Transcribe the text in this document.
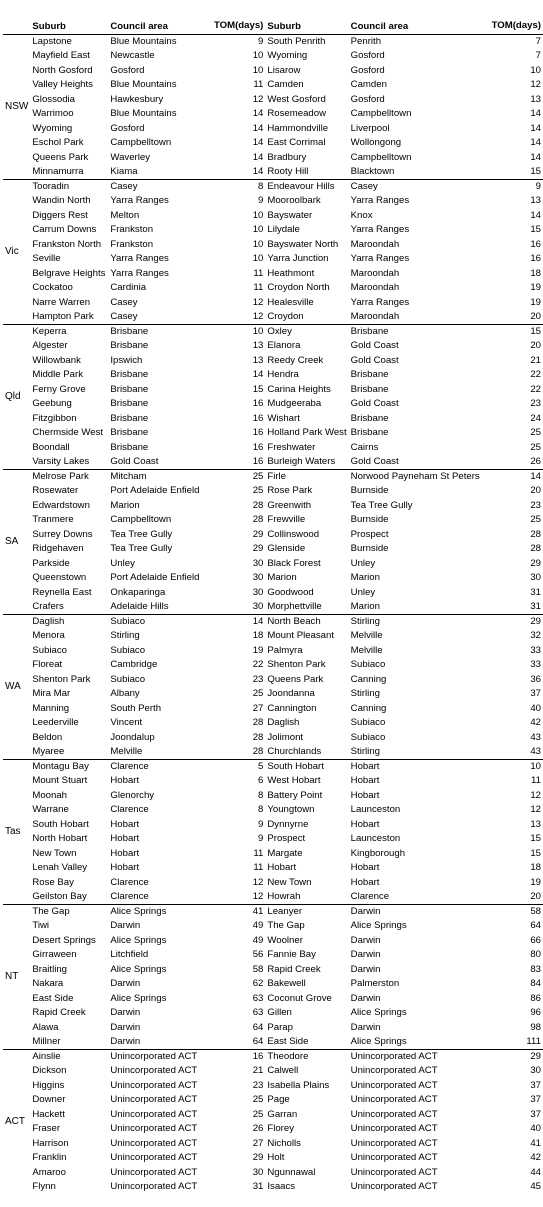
	Suburb	Council area	TOM(days)	Suburb	Council area	TOM(days)
NSW	Lapstone	Blue Mountains	9	South Penrith	Penrith	7
	Mayfield East	Newcastle	10	Wyoming	Gosford	7
	North Gosford	Gosford	10	Lisarow	Gosford	10
	Valley Heights	Blue Mountains	11	Camden	Camden	12
	Glossodia	Hawkesbury	12	West Gosford	Gosford	13
	Warrimoo	Blue Mountains	14	Rosemeadow	Campbelltown	14
	Wyoming	Gosford	14	Hammondville	Liverpool	14
	Eschol Park	Campbelltown	14	East Corrimal	Wollongong	14
	Queens Park	Waverley	14	Bradbury	Campbelltown	14
	Minnamurra	Kiama	14	Rooty Hill	Blacktown	15
Vic	Tooradin	Casey	8	Endeavour Hills	Casey	9
	Wandin North	Yarra Ranges	9	Mooroolbark	Yarra Ranges	13
	Diggers Rest	Melton	10	Bayswater	Knox	14
	Carrum Downs	Frankston	10	Lilydale	Yarra Ranges	15
	Frankston North	Frankston	10	Bayswater North	Maroondah	16
	Seville	Yarra Ranges	10	Yarra Junction	Yarra Ranges	16
	Belgrave Heights	Yarra Ranges	11	Heathmont	Maroondah	18
	Cockatoo	Cardinia	11	Croydon North	Maroondah	19
	Narre Warren	Casey	12	Healesville	Yarra Ranges	19
	Hampton Park	Casey	12	Croydon	Maroondah	20
Qld	Keperra	Brisbane	10	Oxley	Brisbane	15
	Algester	Brisbane	13	Elanora	Gold Coast	20
	Willowbank	Ipswich	13	Reedy Creek	Gold Coast	21
	Middle Park	Brisbane	14	Hendra	Brisbane	22
	Ferny Grove	Brisbane	15	Carina Heights	Brisbane	22
	Geebung	Brisbane	16	Mudgeeraba	Gold Coast	23
	Fitzgibbon	Brisbane	16	Wishart	Brisbane	24
	Chermside West	Brisbane	16	Holland Park West	Brisbane	25
	Boondall	Brisbane	16	Freshwater	Cairns	25
	Varsity Lakes	Gold Coast	16	Burleigh Waters	Gold Coast	26
SA	Melrose Park	Mitcham	25	Firle	Norwood Payneham St Peters	14
	Rosewater	Port Adelaide Enfield	25	Rose Park	Burnside	20
	Edwardstown	Marion	28	Greenwith	Tea Tree Gully	23
	Tranmere	Campbelltown	28	Frewville	Burnside	25
	Surrey Downs	Tea Tree Gully	29	Collinswood	Prospect	28
	Ridgehaven	Tea Tree Gully	29	Glenside	Burnside	28
	Parkside	Unley	30	Black Forest	Unley	29
	Queenstown	Port Adelaide Enfield	30	Marion	Marion	30
	Reynella East	Onkaparinga	30	Goodwood	Unley	31
	Crafers	Adelaide Hills	30	Morphettville	Marion	31
WA	Daglish	Subiaco	14	North Beach	Stirling	29
	Menora	Stirling	18	Mount Pleasant	Melville	32
	Subiaco	Subiaco	19	Palmyra	Melville	33
	Floreat	Cambridge	22	Shenton Park	Subiaco	33
	Shenton Park	Subiaco	23	Queens Park	Canning	36
	Mira Mar	Albany	25	Joondanna	Stirling	37
	Manning	South Perth	27	Cannington	Canning	40
	Leederville	Vincent	28	Daglish	Subiaco	42
	Beldon	Joondalup	28	Jolimont	Subiaco	43
	Myaree	Melville	28	Churchlands	Stirling	43
Tas	Montagu Bay	Clarence	5	South Hobart	Hobart	10
	Mount Stuart	Hobart	6	West Hobart	Hobart	11
	Moonah	Glenorchy	8	Battery Point	Hobart	12
	Warrane	Clarence	8	Youngtown	Launceston	12
	South Hobart	Hobart	9	Dynnyrne	Hobart	13
	North Hobart	Hobart	9	Prospect	Launceston	15
	New Town	Hobart	11	Margate	Kingborough	15
	Lenah Valley	Hobart	11	Hobart	Hobart	18
	Rose Bay	Clarence	12	New Town	Hobart	19
	Geilston Bay	Clarence	12	Howrah	Clarence	20
NT	The Gap	Alice Springs	41	Leanyer	Darwin	58
	Tiwi	Darwin	49	The Gap	Alice Springs	64
	Desert Springs	Alice Springs	49	Woolner	Darwin	66
	Girraween	Litchfield	56	Fannie Bay	Darwin	80
	Braitling	Alice Springs	58	Rapid Creek	Darwin	83
	Nakara	Darwin	62	Bakewell	Palmerston	84
	East Side	Alice Springs	63	Coconut Grove	Darwin	86
	Rapid Creek	Darwin	63	Gillen	Alice Springs	96
	Alawa	Darwin	64	Parap	Darwin	98
	Millner	Darwin	64	East Side	Alice Springs	111
ACT	Ainslie	Unincorporated ACT	16	Theodore	Unincorporated ACT	29
	Dickson	Unincorporated ACT	21	Calwell	Unincorporated ACT	30
	Higgins	Unincorporated ACT	23	Isabella Plains	Unincorporated ACT	37
	Downer	Unincorporated ACT	25	Page	Unincorporated ACT	37
	Hackett	Unincorporated ACT	25	Garran	Unincorporated ACT	37
	Fraser	Unincorporated ACT	26	Florey	Unincorporated ACT	40
	Harrison	Unincorporated ACT	27	Nicholls	Unincorporated ACT	41
	Franklin	Unincorporated ACT	29	Holt	Unincorporated ACT	42
	Amaroo	Unincorporated ACT	30	Ngunnawal	Unincorporated ACT	44
	Flynn	Unincorporated ACT	31	Isaacs	Unincorporated ACT	45
